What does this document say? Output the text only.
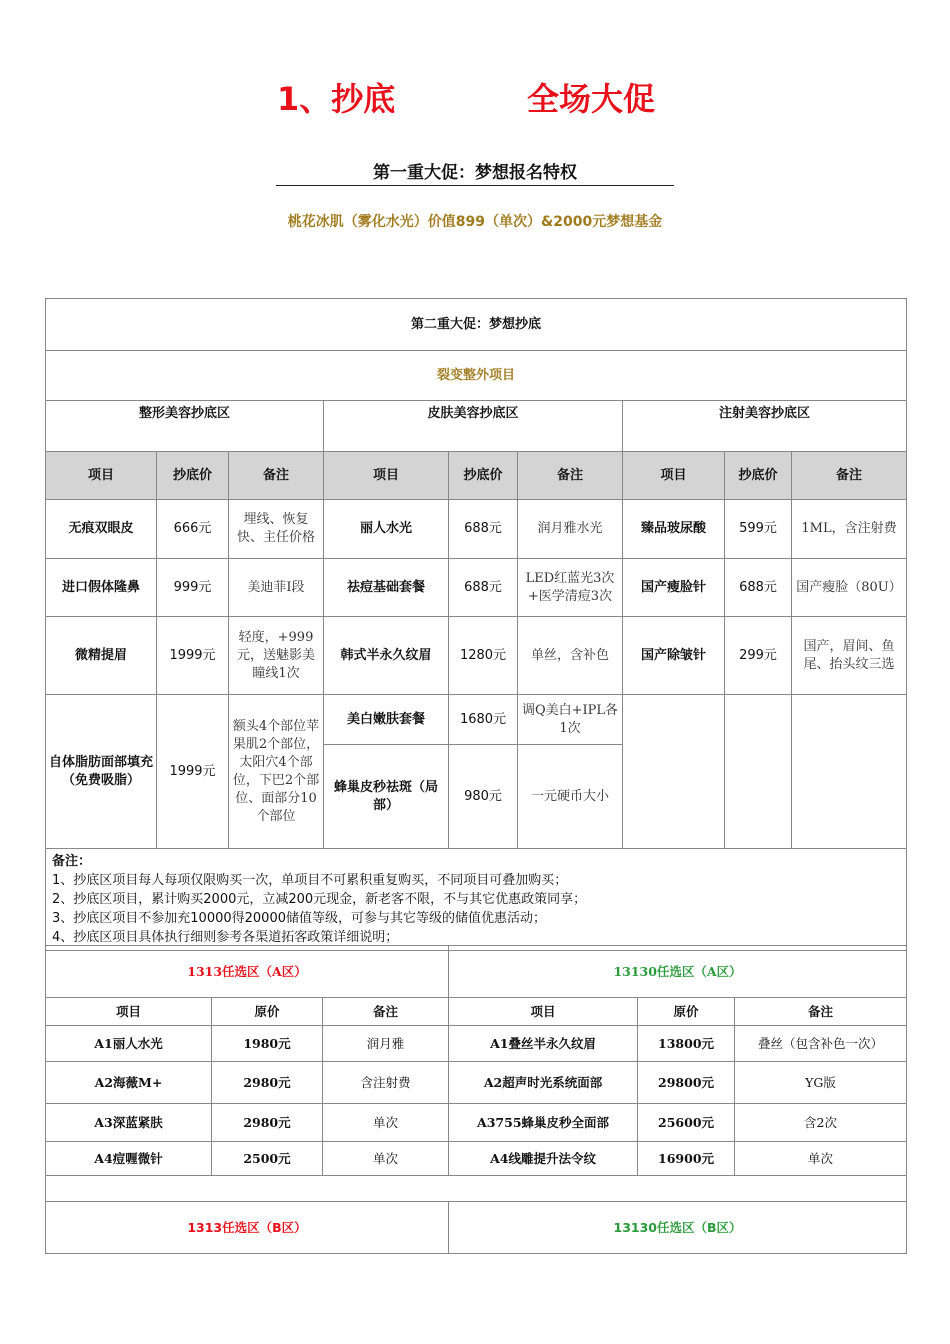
1、抄底	全场大促
第一重大促：梦想报名特权
桃花冰肌（雾化水光）价值899（单次）&2000元梦想基金
第二重大促：梦想抄底								
裂变整外项目								
整形美容抄底区			皮肤美容抄底区			注射美容抄底区		
项目	抄底价	备注	项目	抄底价	备注	项目	抄底价	备注
无痕双眼皮	666元	埋线、恢复快、主任价格	丽人水光	688元	润月雅水光	臻品玻尿酸	599元	1ML，含注射费
进口假体隆鼻	999元	美迪菲I段	祛痘基础套餐	688元	LED红蓝光3次+医学清痘3次	国产瘦脸针	688元	国产瘦脸（80U）
微精提眉	1999元	轻度，+999元，送魅影美瞳线1次	韩式半永久纹眉	1280元	单丝，含补色	国产除皱针	299元	国产，眉间、鱼尾、抬头纹三选
自体脂肪面部填充（免费吸脂）	1999元	额头4个部位苹果肌2个部位，太阳穴4个部位，下巴2个部位、面部分10个部位	美白嫩肤套餐	1680元	调Q美白+IPL各1次			
			蜂巢皮秒祛斑（局部）	980元	一元硬币大小			

备注：
1、抄底区项目每人每项仅限购买一次，单项目不可累积重复购买，不同项目可叠加购买；
2、抄底区项目，累计购买2000元，立减200元现金，新老客不限，不与其它优惠政策同享；
3、抄底区项目不参加充10000得20000储值等级，可参与其它等级的储值优惠活动；
4、抄底区项目具体执行细则参考各渠道拓客政策详细说明；								
1313任选区（A区）			13130任选区（A区）		
项目	原价	备注	项目	原价	备注
A1丽人水光	1980元	润月雅	A1叠丝半永久纹眉	13800元	叠丝（包含补色一次）
A2海薇M+	2980元	含注射费	A2超声时光系统面部	29800元	YG版
A3深蓝紧肤	2980元	单次	A3755蜂巢皮秒全面部	25600元	含2次
A4痘喱微针	2500元	单次	A4线雕提升法令纹	16900元	单次

1313任选区（B区）			13130任选区（B区）		
